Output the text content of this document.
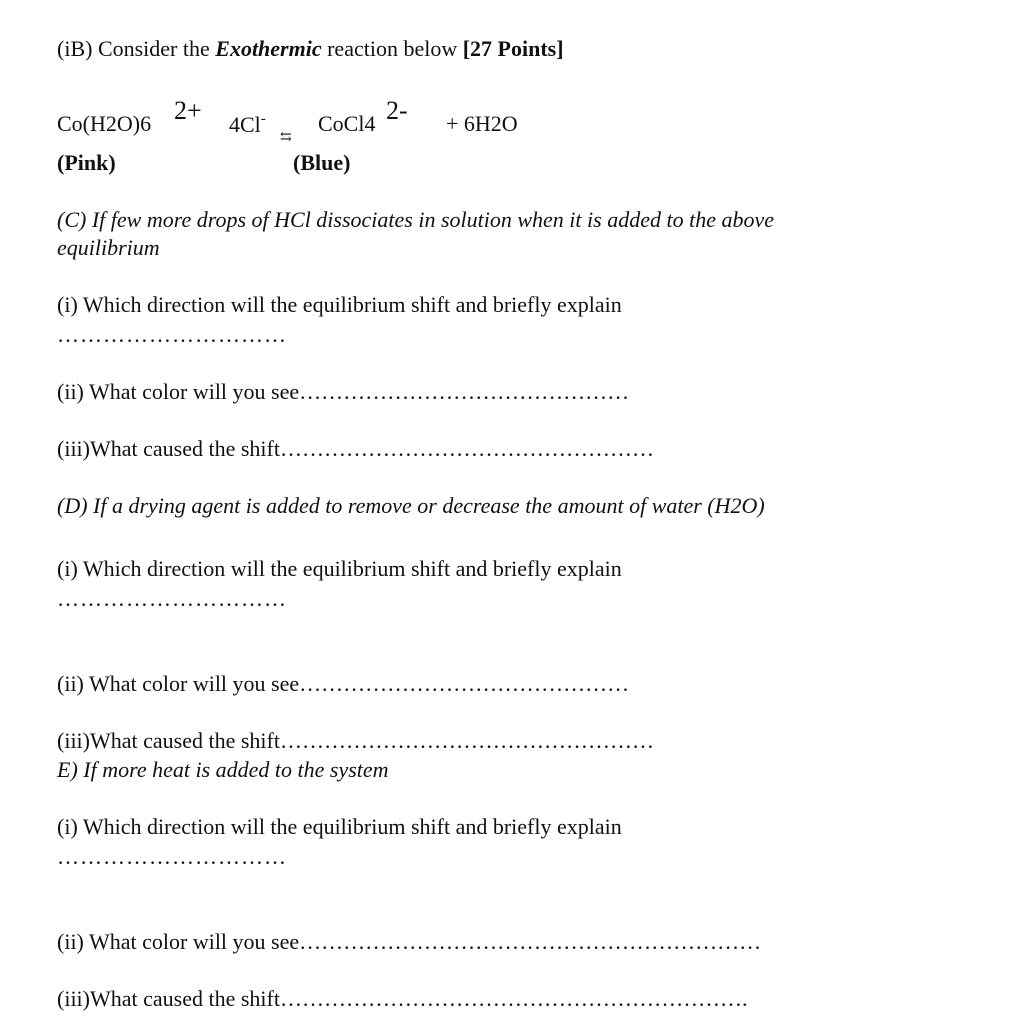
(iB) Consider the Exothermic reaction below [27 Points]
Co(H2O)6 2+ 4Cl-
⇆
CoCl4 2- + 6H2O
(Pink)	(Blue)
(C) If few more drops of HCl dissociates in solution when it is added to the above
equilibrium
(i) Which direction will the equilibrium shift and briefly explain
…………………………
(ii) What color will you see………………………………………
(iii)What caused the shift……………………………………………
(D) If a drying agent is added to remove or decrease the amount of water (H2O)
(i) Which direction will the equilibrium shift and briefly explain
…………………………
(ii) What color will you see………………………………………
(iii)What caused the shift……………………………………………
E) If more heat is added to the system
(i) Which direction will the equilibrium shift and briefly explain
…………………………
(ii) What color will you see………………………………………………………
(iii)What caused the shift……………………………………………………….
